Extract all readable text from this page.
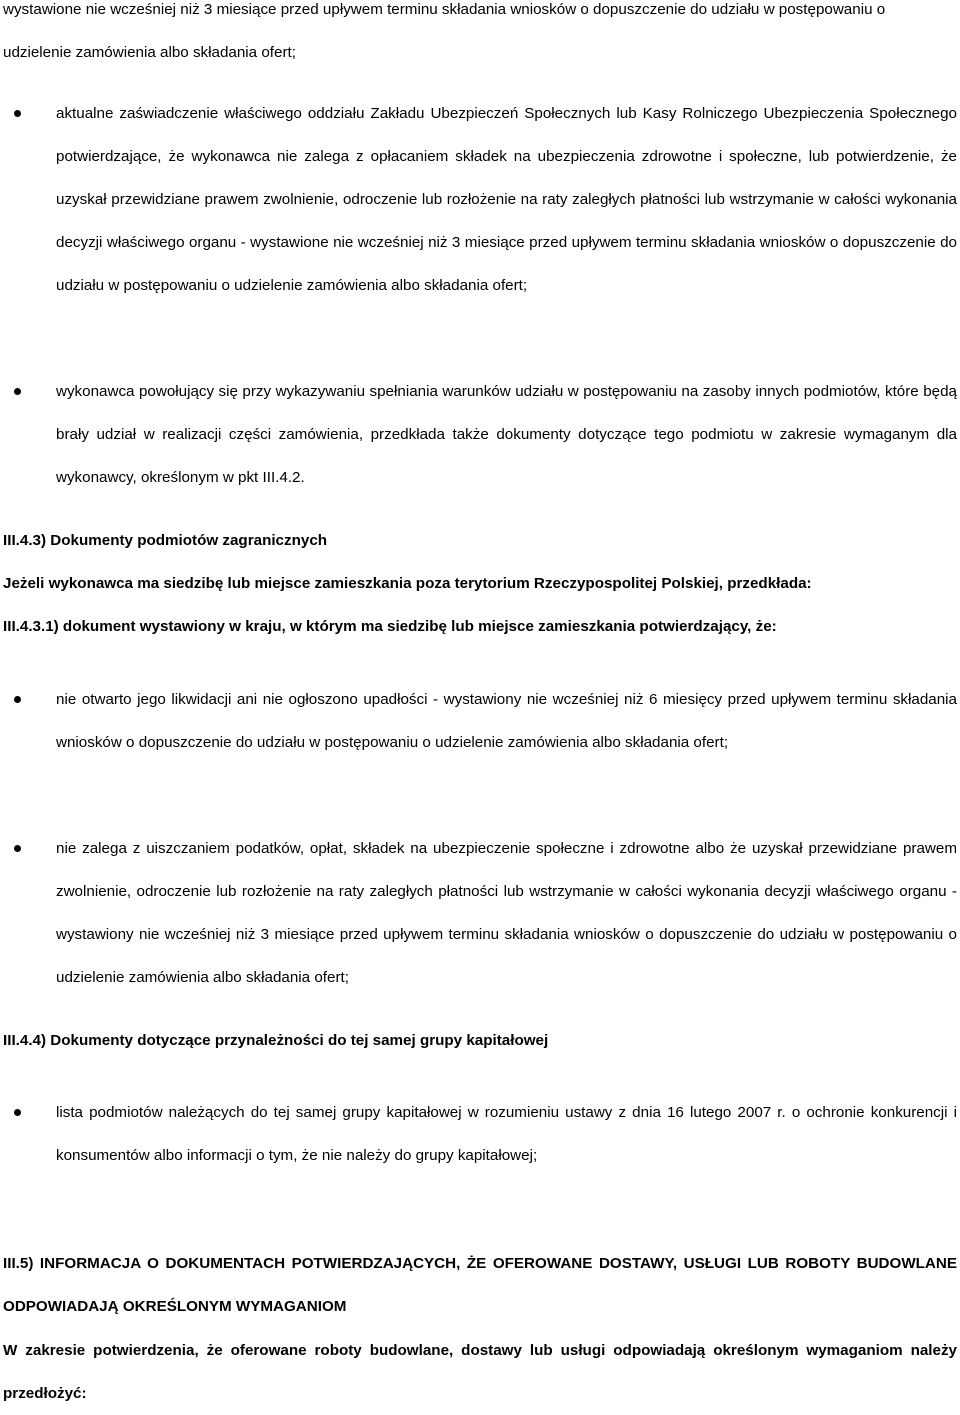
wystawione nie wcześniej niż 3 miesiące przed upływem terminu składania wniosków o dopuszczenie do udziału w postępowaniu o udzielenie zamówienia albo składania ofert;

aktualne zaświadczenie właściwego oddziału Zakładu Ubezpieczeń Społecznych lub Kasy Rolniczego Ubezpieczenia Społecznego potwierdzające, że wykonawca nie zalega z opłacaniem składek na ubezpieczenia zdrowotne i społeczne, lub potwierdzenie, że uzyskał przewidziane prawem zwolnienie, odroczenie lub rozłożenie na raty zaległych płatności lub wstrzymanie w całości wykonania decyzji właściwego organu - wystawione nie wcześniej niż 3 miesiące przed upływem terminu składania wniosków o dopuszczenie do udziału w postępowaniu o udzielenie zamówienia albo składania ofert;

wykonawca powołujący się przy wykazywaniu spełniania warunków udziału w postępowaniu na zasoby innych podmiotów, które będą brały udział w realizacji części zamówienia, przedkłada także dokumenty dotyczące tego podmiotu w zakresie wymaganym dla wykonawcy, określonym w pkt III.4.2.

III.4.3) Dokumenty podmiotów zagranicznych

Jeżeli wykonawca ma siedzibę lub miejsce zamieszkania poza terytorium Rzeczypospolitej Polskiej, przedkłada:

III.4.3.1) dokument wystawiony w kraju, w którym ma siedzibę lub miejsce zamieszkania potwierdzający, że:

nie otwarto jego likwidacji ani nie ogłoszono upadłości - wystawiony nie wcześniej niż 6 miesięcy przed upływem terminu składania wniosków o dopuszczenie do udziału w postępowaniu o udzielenie zamówienia albo składania ofert;

nie zalega z uiszczaniem podatków, opłat, składek na ubezpieczenie społeczne i zdrowotne albo że uzyskał przewidziane prawem zwolnienie, odroczenie lub rozłożenie na raty zaległych płatności lub wstrzymanie w całości wykonania decyzji właściwego organu - wystawiony nie wcześniej niż 3 miesiące przed upływem terminu składania wniosków o dopuszczenie do udziału w postępowaniu o udzielenie zamówienia albo składania ofert;

III.4.4) Dokumenty dotyczące przynależności do tej samej grupy kapitałowej

lista podmiotów należących do tej samej grupy kapitałowej w rozumieniu ustawy z dnia 16 lutego 2007 r. o ochronie konkurencji i konsumentów albo informacji o tym, że nie należy do grupy kapitałowej;

III.5) INFORMACJA O DOKUMENTACH POTWIERDZAJĄCYCH, ŻE OFEROWANE DOSTAWY, USŁUGI LUB ROBOTY BUDOWLANE ODPOWIADAJĄ OKREŚLONYM WYMAGANIOM

W zakresie potwierdzenia, że oferowane roboty budowlane, dostawy lub usługi odpowiadają określonym wymaganiom należy przedłożyć:
